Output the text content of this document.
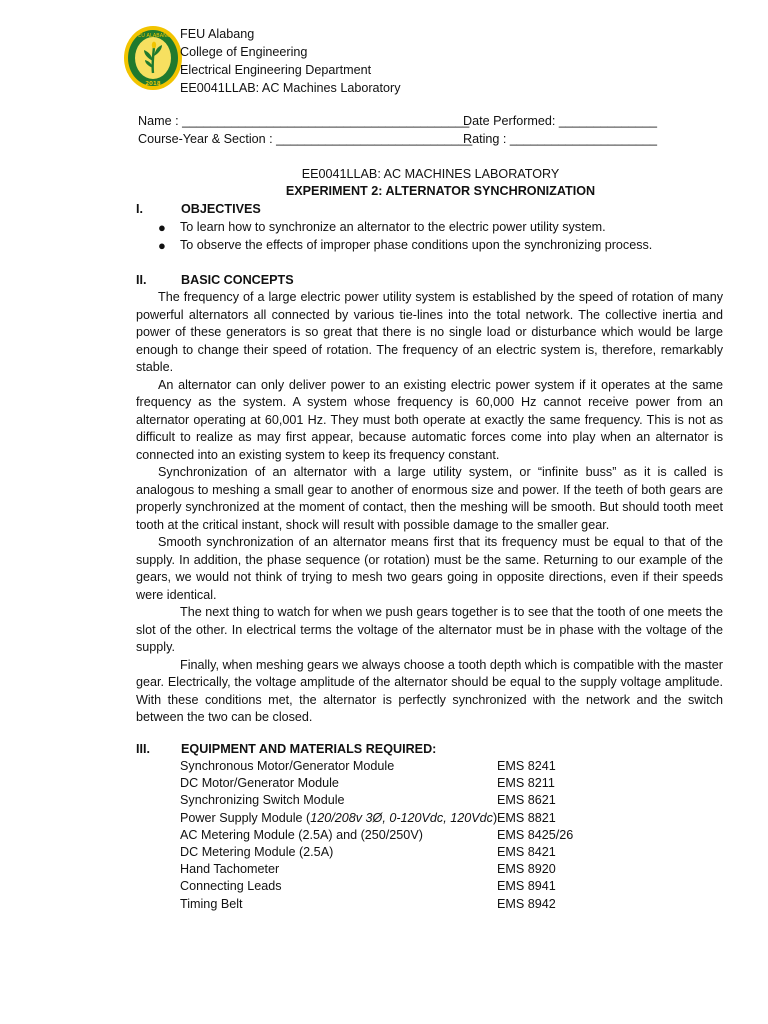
FEU ALABANG
2018
FEU Alabang
College of Engineering
Electrical Engineering Department
EE0041LLAB: AC Machines Laboratory
Name : _________________________________________
Date Performed: ______________
Course-Year & Section : ____________________________
Rating : _____________________
EE0041LLAB: AC MACHINES LABORATORY
EXPERIMENT 2: ALTERNATOR SYNCHRONIZATION
I.	OBJECTIVES
● To learn how to synchronize an alternator to the electric power utility system.
● To observe the effects of improper phase conditions upon the synchronizing process.
II.	BASIC CONCEPTS

The frequency of a large electric power utility system is established by the speed of rotation of many powerful alternators all connected by various tie-lines into the total network. The collective inertia and power of these generators is so great that there is no single load or disturbance which would be large enough to change their speed of rotation. The frequency of an electric system is, therefore, remarkably stable.

An alternator can only deliver power to an existing electric power system if it operates at the same frequency as the system. A system whose frequency is 60,000 Hz cannot receive power from an alternator operating at 60,001 Hz. They must both operate at exactly the same frequency. This is not as difficult to realize as may first appear, because automatic forces come into play when an alternator is connected into an existing system to keep its frequency constant.

Synchronization of an alternator with a large utility system, or “infinite buss” as it is called is analogous to meshing a small gear to another of enormous size and power. If the teeth of both gears are properly synchronized at the moment of contact, then the meshing will be smooth. But should tooth meet tooth at the critical instant, shock will result with possible damage to the smaller gear.

Smooth synchronization of an alternator means first that its frequency must be equal to that of the supply. In addition, the phase sequence (or rotation) must be the same. Returning to our example of the gears, we would not think of trying to mesh two gears going in opposite directions, even if their speeds were identical.

The next thing to watch for when we push gears together is to see that the tooth of one meets the slot of the other. In electrical terms the voltage of the alternator must be in phase with the voltage of the supply.

Finally, when meshing gears we always choose a tooth depth which is compatible with the master gear. Electrically, the voltage amplitude of the alternator should be equal to the supply voltage amplitude. With these conditions met, the alternator is perfectly synchronized with the network and the switch between the two can be closed.

III. EQUIPMENT AND MATERIALS REQUIRED:
Synchronous Motor/Generator Module	EMS 8241
DC Motor/Generator Module	EMS 8211
Synchronizing Switch Module	EMS 8621
Power Supply Module (120/208v 3Ø, 0-120Vdc, 120Vdc) EMS 8821
AC Metering Module (2.5A) and (250/250V)	EMS 8425/26
DC Metering Module (2.5A)	EMS 8421
Hand Tachometer	EMS 8920
Connecting Leads	EMS 8941
Timing Belt	EMS 8942
